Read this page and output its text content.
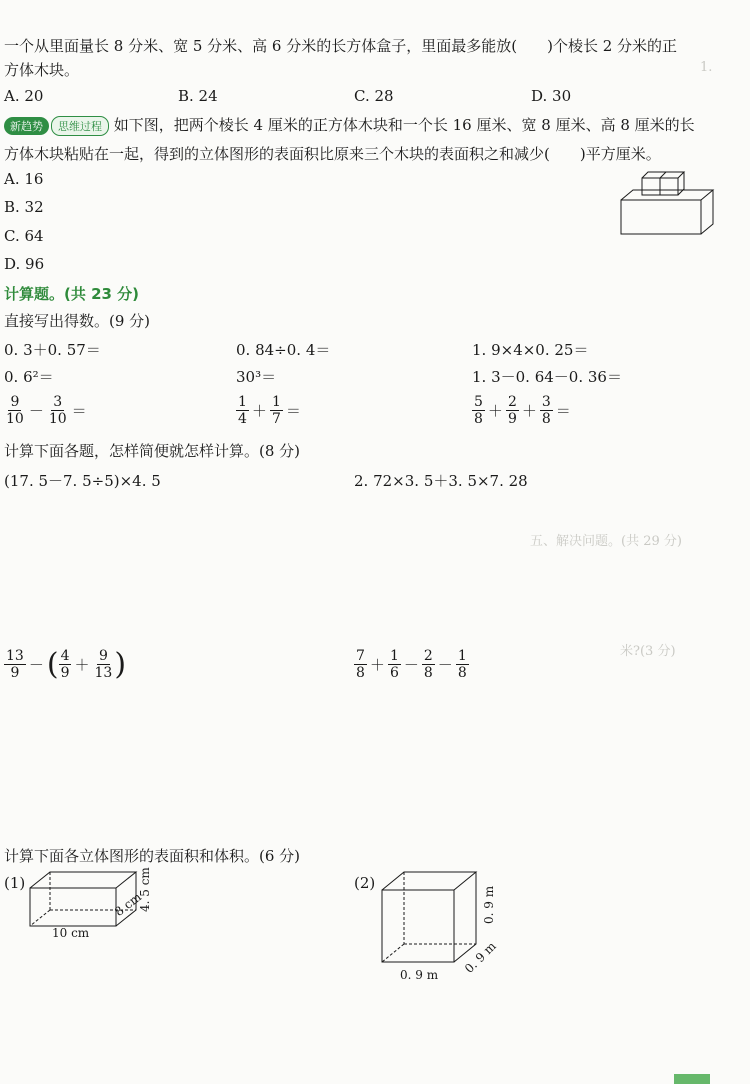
1.
五、解决问题。(共 29 分)
米?(3 分)
一个从里面量长 8 分米、宽 5 分米、高 6 分米的长方体盒子，里面最多能放(　　)个棱长 2 分米的正
方体木块。
A. 20	B. 24	C. 28	D. 30
新趋势 思维过程 如下图，把两个棱长 4 厘米的正方体木块和一个长 16 厘米、宽 8 厘米、高 8 厘米的长
方体木块粘贴在一起，得到的立体图形的表面积比原来三个木块的表面积之和减少(　　)平方厘米。
A. 16
B. 32
C. 64
D. 96
计算题。(共 23 分)
直接写出得数。(9 分)
0. 3＋0. 57＝	0. 84÷0. 4＝	1. 9×4×0. 25＝
0. 6²＝	30³＝	1. 3－0. 64－0. 36＝
$\frac{9}{10} - \frac{3}{10}$ ＝	$\frac{1}{4} + \frac{1}{7}$ ＝	$\frac{5}{8} + \frac{2}{9} + \frac{3}{8}$ ＝
计算下面各题，怎样简便就怎样计算。(8 分)
(17. 5－7. 5÷5)×4. 5	2. 72×3. 5＋3. 5×7. 28
$\frac{13}{9}$ － ( $\frac{4}{9} + \frac{9}{13}$ )	$\frac{7}{8} + \frac{1}{6} - \frac{2}{8} - \frac{1}{8}$
计算下面各立体图形的表面积和体积。(6 分)
(1)
10 cm
8 cm
4. 5 cm	(2)
0. 9 m
0. 9 m
0. 9 m
